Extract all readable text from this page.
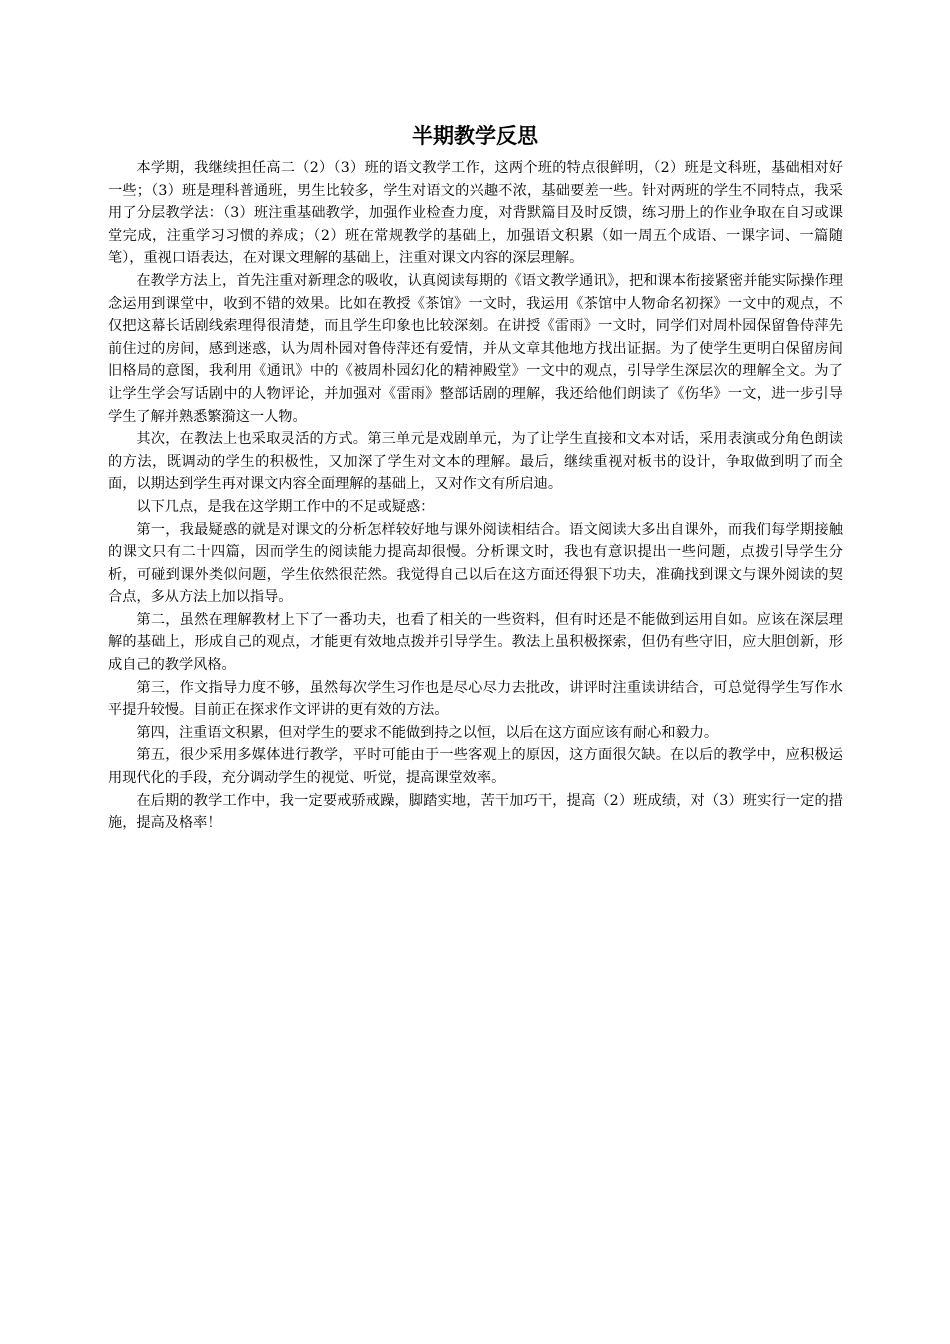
半期教学反思

本学期，我继续担任高二（2）（3）班的语文教学工作，这两个班的特点很鲜明，（2）班是文科班，基础相对好一些；（3）班是理科普通班，男生比较多，学生对语文的兴趣不浓，基础要差一些。针对两班的学生不同特点，我采用了分层教学法：（3）班注重基础教学，加强作业检查力度，对背默篇目及时反馈，练习册上的作业争取在自习或课堂完成，注重学习习惯的养成；（2）班在常规教学的基础上，加强语文积累（如一周五个成语、一课字词、一篇随笔），重视口语表达，在对课文理解的基础上，注重对课文内容的深层理解。

在教学方法上，首先注重对新理念的吸收，认真阅读每期的《语文教学通讯》，把和课本衔接紧密并能实际操作理念运用到课堂中，收到不错的效果。比如在教授《茶馆》一文时，我运用《茶馆中人物命名初探》一文中的观点，不仅把这幕长话剧线索理得很清楚，而且学生印象也比较深刻。在讲授《雷雨》一文时，同学们对周朴园保留鲁侍萍先前住过的房间，感到迷惑，认为周朴园对鲁侍萍还有爱情，并从文章其他地方找出证据。为了使学生更明白保留房间旧格局的意图，我利用《通讯》中的《被周朴园幻化的精神殿堂》一文中的观点，引导学生深层次的理解全文。为了让学生学会写话剧中的人物评论，并加强对《雷雨》整部话剧的理解，我还给他们朗读了《伤华》一文，进一步引导学生了解并熟悉繁漪这一人物。

其次，在教法上也采取灵活的方式。第三单元是戏剧单元，为了让学生直接和文本对话，采用表演或分角色朗读的方法，既调动的学生的积极性，又加深了学生对文本的理解。最后，继续重视对板书的设计，争取做到明了而全面，以期达到学生再对课文内容全面理解的基础上，又对作文有所启迪。

以下几点，是我在这学期工作中的不足或疑惑：

第一，我最疑惑的就是对课文的分析怎样较好地与课外阅读相结合。语文阅读大多出自课外，而我们每学期接触的课文只有二十四篇，因而学生的阅读能力提高却很慢。分析课文时，我也有意识提出一些问题，点拨引导学生分析，可碰到课外类似问题，学生依然很茫然。我觉得自己以后在这方面还得狠下功夫，准确找到课文与课外阅读的契合点，多从方法上加以指导。

第二，虽然在理解教材上下了一番功夫，也看了相关的一些资料，但有时还是不能做到运用自如。应该在深层理解的基础上，形成自己的观点，才能更有效地点拨并引导学生。教法上虽积极探索，但仍有些守旧，应大胆创新，形成自己的教学风格。

第三，作文指导力度不够，虽然每次学生习作也是尽心尽力去批改，讲评时注重读讲结合，可总觉得学生写作水平提升较慢。目前正在探求作文评讲的更有效的方法。

第四，注重语文积累，但对学生的要求不能做到持之以恒，以后在这方面应该有耐心和毅力。

第五，很少采用多媒体进行教学，平时可能由于一些客观上的原因，这方面很欠缺。在以后的教学中，应积极运用现代化的手段，充分调动学生的视觉、听觉，提高课堂效率。

在后期的教学工作中，我一定要戒骄戒躁，脚踏实地，苦干加巧干，提高（2）班成绩，对（3）班实行一定的措施，提高及格率！
